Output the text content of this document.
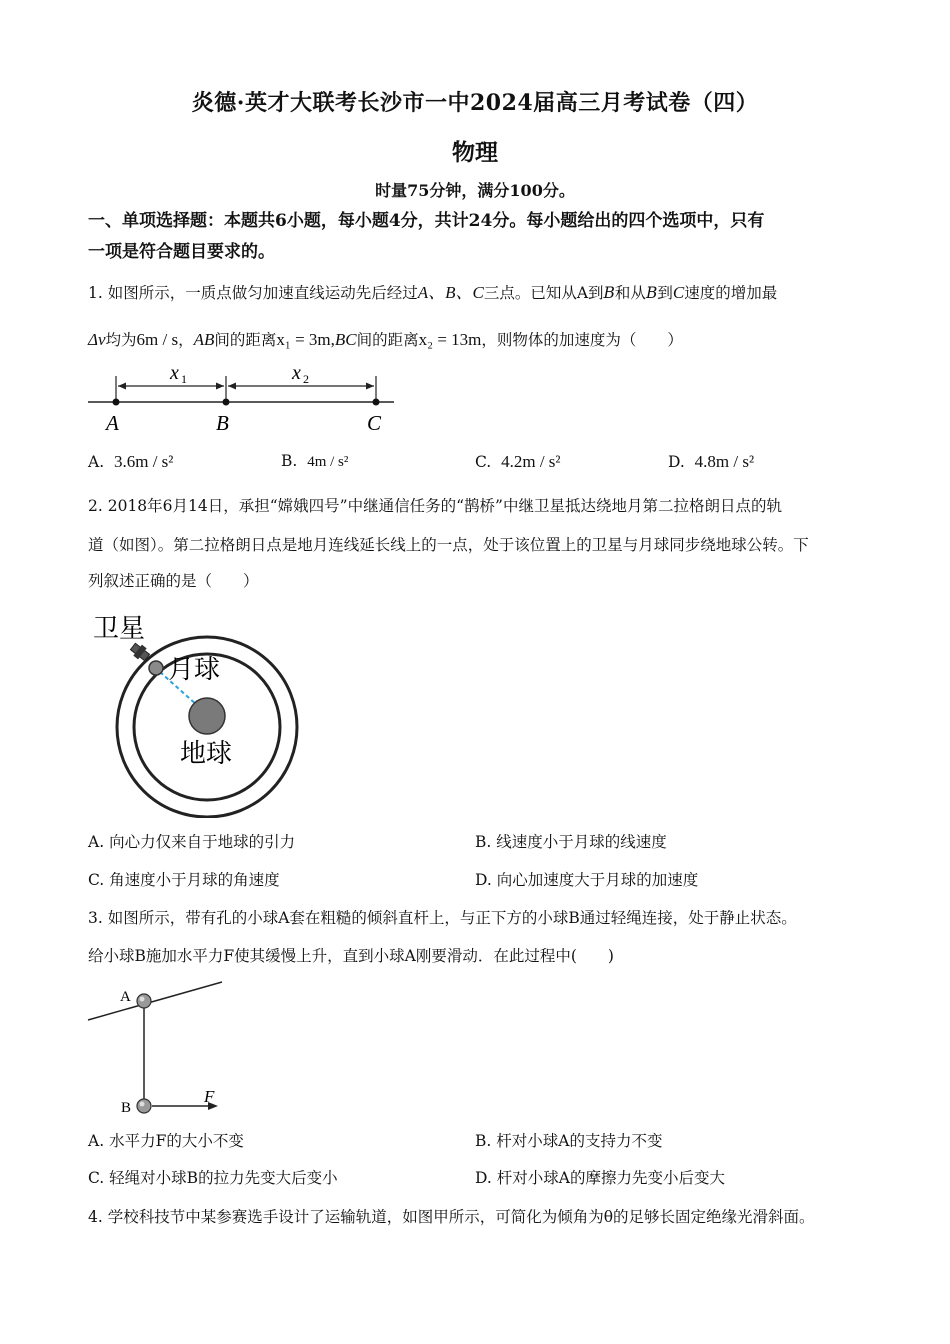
炎德·英才大联考长沙市一中2024届高三月考试卷（四）
物理
时量75分钟，满分100分。
一、单项选择题：本题共6小题，每小题4分，共计24分。每小题给出的四个选项中，只有
一项是符合题目要求的。
1. 如图所示，一质点做匀加速直线运动先后经过A、B、C三点。已知从A到B和从B到C速度的增加最
Δv均为6m / s，AB间的距离x₁ = 3m,BC间的距离x₂ = 13m，则物体的加速度为（　　）
x 1	x 2
A	B	C
A. 3.6m / s²	B. 4m / s²	C. 4.2m / s²	D. 4.8m / s²
2. 2018年6月14日，承担“嫦娥四号”中继通信任务的“鹊桥”中继卫星抵达绕地月第二拉格朗日点的轨
道（如图）。第二拉格朗日点是地月连线延长线上的一点，处于该位置上的卫星与月球同步绕地球公转。下
列叙述正确的是（　　）
卫星
月球
地球
A. 向心力仅来自于地球的引力	B. 线速度小于月球的线速度
C. 角速度小于月球的角速度	D. 向心加速度大于月球的加速度
3. 如图所示，带有孔的小球A套在粗糙的倾斜直杆上，与正下方的小球B通过轻绳连接，处于静止状态。
给小球B施加水平力F使其缓慢上升，直到小球A刚要滑动．在此过程中(　　)
A
B
F
A. 水平力F的大小不变	B. 杆对小球A的支持力不变
C. 轻绳对小球B的拉力先变大后变小	D. 杆对小球A的摩擦力先变小后变大
4. 学校科技节中某参赛选手设计了运输轨道，如图甲所示，可简化为倾角为θ的足够长固定绝缘光滑斜面。
